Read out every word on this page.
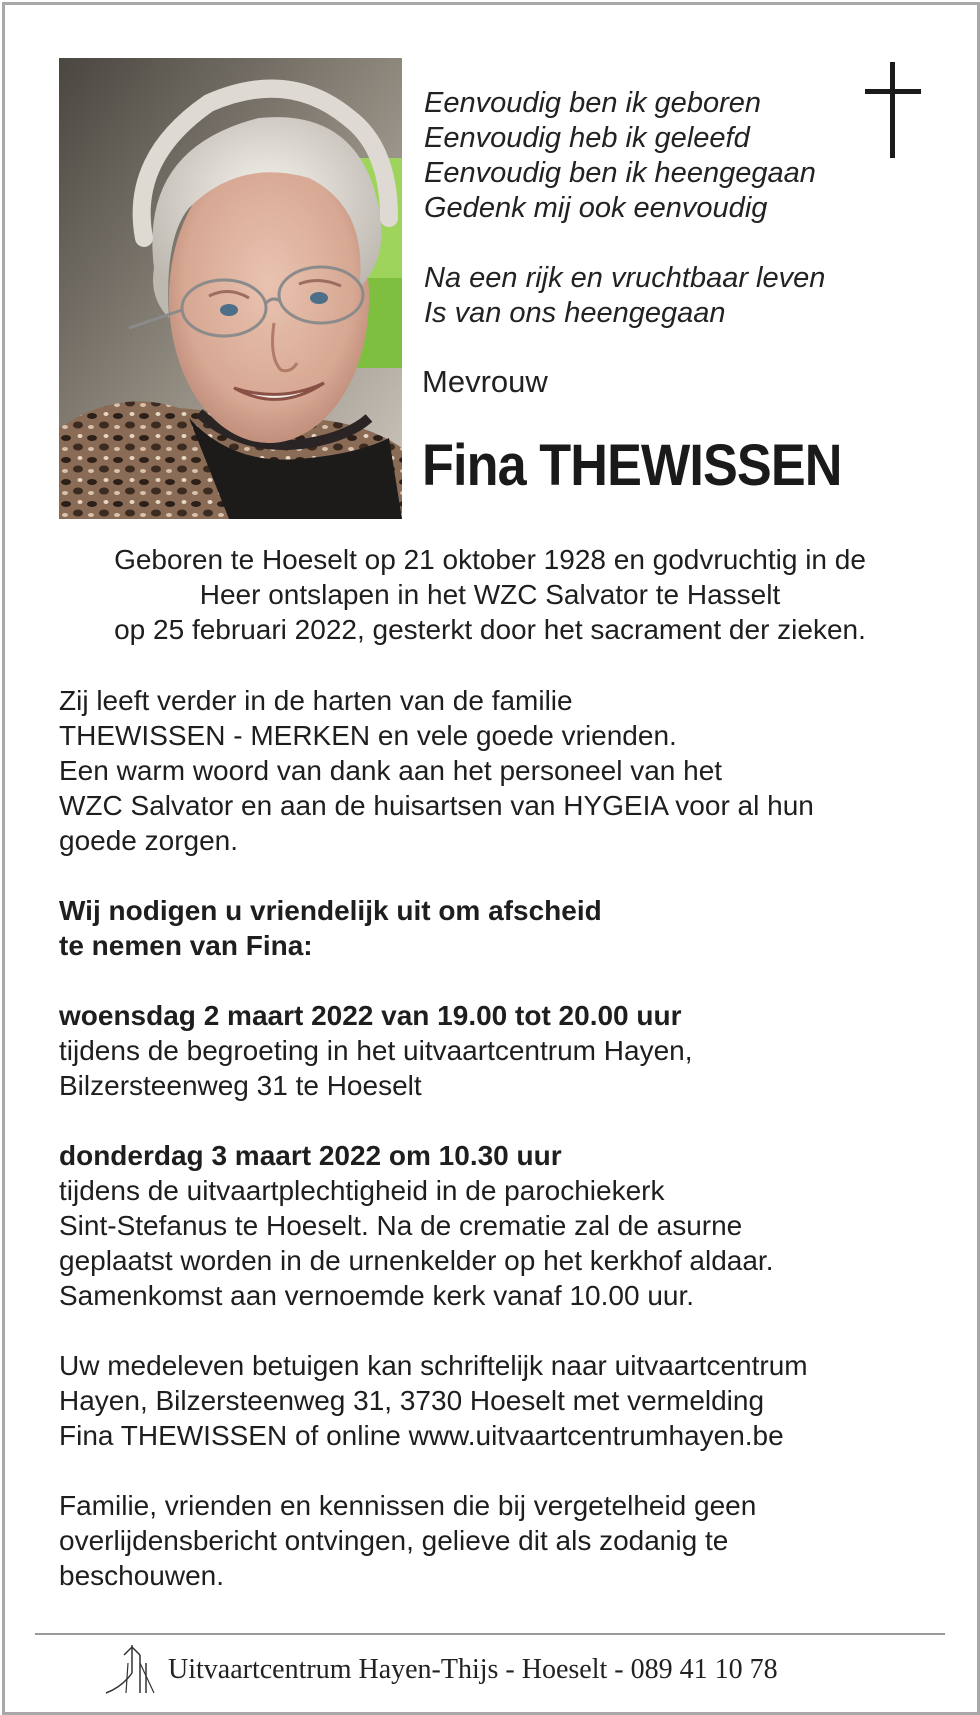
Eenvoudig ben ik geboren
Eenvoudig heb ik geleefd
Eenvoudig ben ik heengegaan
Gedenk mij ook eenvoudig
Na een rijk en vruchtbaar leven
Is van ons heengegaan
Mevrouw
Fina THEWISSEN
Geboren te Hoeselt op 21 oktober 1928 en godvruchtig in de
Heer ontslapen in het WZC Salvator te Hasselt
op 25 februari 2022, gesterkt door het sacrament der zieken.
Zij leeft verder in de harten van de familie
THEWISSEN - MERKEN en vele goede vrienden.
Een warm woord van dank aan het personeel van het
WZC Salvator en aan de huisartsen van HYGEIA voor al hun
goede zorgen.
Wij nodigen u vriendelijk uit om afscheid
te nemen van Fina:
woensdag 2 maart 2022 van 19.00 tot 20.00 uur
tijdens de begroeting in het uitvaartcentrum Hayen,
Bilzersteenweg 31 te Hoeselt
donderdag 3 maart 2022 om 10.30 uur
tijdens de uitvaartplechtigheid in de parochiekerk
Sint-Stefanus te Hoeselt. Na de crematie zal de asurne
geplaatst worden in de urnenkelder op het kerkhof aldaar.
Samenkomst aan vernoemde kerk vanaf 10.00 uur.
Uw medeleven betuigen kan schriftelijk naar uitvaartcentrum
Hayen, Bilzersteenweg 31, 3730 Hoeselt met vermelding
Fina THEWISSEN of online www.uitvaartcentrumhayen.be
Familie, vrienden en kennissen die bij vergetelheid geen
overlijdensbericht ontvingen, gelieve dit als zodanig te
beschouwen.
Uitvaartcentrum Hayen-Thijs - Hoeselt - 089 41 10 78
